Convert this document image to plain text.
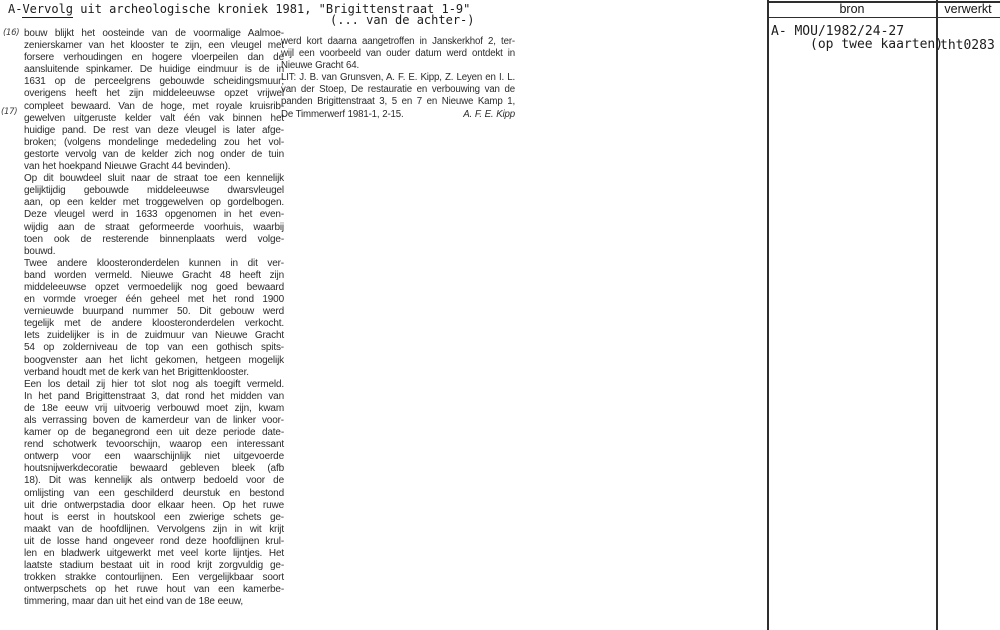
A-Vervolg uit archeologische kroniek 1981, "Brigittenstraat 1-9"
(... van de achter-)
(16)
(17)
bouw blijkt het oosteinde van de voormalige Aalmoe-
zenierskamer van het klooster te zijn, een vleugel met
forsere verhoudingen en hogere vloerpeilen dan de
aansluitende spinkamer. De huidige eindmuur is de in
1631 op de perceelgrens gebouwde scheidingsmuur;
overigens heeft het zijn middeleeuwse opzet vrijwel
compleet bewaard. Van de hoge, met royale kruisrib-
gewelven uitgeruste kelder valt één vak binnen het
huidige pand. De rest van deze vleugel is later afge-
broken; (volgens mondelinge mededeling zou het vol-
gestorte vervolg van de kelder zich nog onder de tuin
van het hoekpand Nieuwe Gracht 44 bevinden).
Op dit bouwdeel sluit naar de straat toe een kennelijk
gelijktijdig gebouwde middeleeuwse dwarsvleugel
aan, op een kelder met troggewelven op gordelbogen.
Deze vleugel werd in 1633 opgenomen in het even-
wijdig aan de straat geformeerde voorhuis, waarbij
toen ook de resterende binnenplaats werd volge-
bouwd.
Twee andere kloosteronderdelen kunnen in dit ver-
band worden vermeld. Nieuwe Gracht 48 heeft zijn
middeleeuwse opzet vermoedelijk nog goed bewaard
en vormde vroeger één geheel met het rond 1900
vernieuwde buurpand nummer 50. Dit gebouw werd
tegelijk met de andere kloosteronderdelen verkocht.
Iets zuidelijker is in de zuidmuur van Nieuwe Gracht
54 op zolderniveau de top van een gothisch spits-
boogvenster aan het licht gekomen, hetgeen mogelijk
verband houdt met de kerk van het Brigittenklooster.
Een los detail zij hier tot slot nog als toegift vermeld.
In het pand Brigittenstraat 3, dat rond het midden van
de 18e eeuw vrij uitvoerig verbouwd moet zijn, kwam
als verrassing boven de kamerdeur van de linker voor-
kamer op de beganegrond een uit deze periode date-
rend schotwerk tevoorschijn, waarop een interessant
ontwerp voor een waarschijnlijk niet uitgevoerde
houtsnijwerkdecoratie bewaard gebleven bleek (afb
18). Dit was kennelijk als ontwerp bedoeld voor de
omlijsting van een geschilderd deurstuk en bestond
uit drie ontwerpstadia door elkaar heen. Op het ruwe
hout is eerst in houtskool een zwierige schets ge-
maakt van de hoofdlijnen. Vervolgens zijn in wit krijt
uit de losse hand ongeveer rond deze hoofdlijnen krul-
len en bladwerk uitgewerkt met veel korte lijntjes. Het
laatste stadium bestaat uit in rood krijt zorgvuldig ge-
trokken strakke contourlijnen. Een vergelijkbaar soort
ontwerpschets op het ruwe hout van een kamerbe-
timmering, maar dan uit het eind van de 18e eeuw,
werd kort daarna aangetroffen in Janskerkhof 2, ter-
wijl een voorbeeld van ouder datum werd ontdekt in
Nieuwe Gracht 64.
LIT: J. B. van Grunsven, A. F. E. Kipp, Z. Leyen en I. L.
van der Stoep, De restauratie en verbouwing van de
panden Brigittenstraat 3, 5 en 7 en Nieuwe Kamp 1,
De Timmerwerf 1981-1, 2-15.	A. F. E. Kipp
bron	verwerkt
A- MOU/1982/24-27
(op twee kaarten)
tht0283
